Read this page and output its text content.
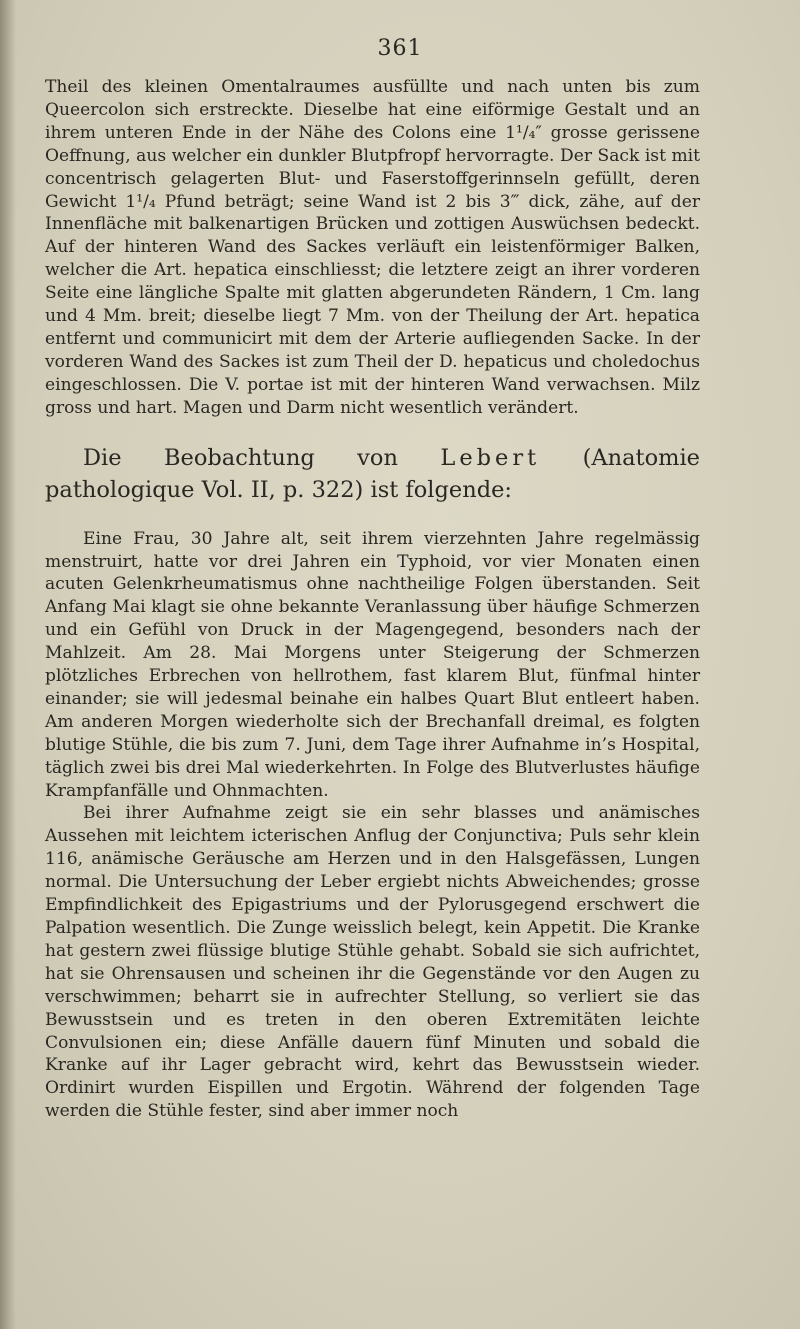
361

Theil des kleinen Omentalraumes ausfüllte und nach unten bis zum Queercolon sich erstreckte. Dieselbe hat eine eiförmige Gestalt und an ihrem unteren Ende in der Nähe des Colons eine 1¹/₄″ grosse gerissene Oeffnung, aus welcher ein dunkler Blutpfropf hervorragte. Der Sack ist mit concentrisch gelagerten Blut- und Faserstoffgerinnseln gefüllt, deren Gewicht 1¹/₄ Pfund beträgt; seine Wand ist 2 bis 3‴ dick, zähe, auf der Innenfläche mit balkenartigen Brücken und zottigen Auswüchsen bedeckt. Auf der hinteren Wand des Sackes verläuft ein leistenförmiger Balken, welcher die Art. hepatica einschliesst; die letztere zeigt an ihrer vorderen Seite eine längliche Spalte mit glatten abgerundeten Rändern, 1 Cm. lang und 4 Mm. breit; dieselbe liegt 7 Mm. von der Theilung der Art. hepatica entfernt und communicirt mit dem der Arterie aufliegenden Sacke. In der vorderen Wand des Sackes ist zum Theil der D. hepaticus und choledochus eingeschlossen. Die V. portae ist mit der hinteren Wand verwachsen. Milz gross und hart. Magen und Darm nicht wesentlich verändert.

Die Beobachtung von Lebert (Anatomie pathologique Vol. II, p. 322) ist folgende:

Eine Frau, 30 Jahre alt, seit ihrem vierzehnten Jahre regelmässig menstruirt, hatte vor drei Jahren ein Typhoid, vor vier Monaten einen acuten Gelenkrheumatismus ohne nachtheilige Folgen überstanden. Seit Anfang Mai klagt sie ohne bekannte Veranlassung über häufige Schmerzen und ein Gefühl von Druck in der Magengegend, besonders nach der Mahlzeit. Am 28. Mai Morgens unter Steigerung der Schmerzen plötzliches Erbrechen von hellrothem, fast klarem Blut, fünfmal hinter einander; sie will jedesmal beinahe ein halbes Quart Blut entleert haben. Am anderen Morgen wiederholte sich der Brechanfall dreimal, es folgten blutige Stühle, die bis zum 7. Juni, dem Tage ihrer Aufnahme in’s Hospital, täglich zwei bis drei Mal wiederkehrten. In Folge des Blutverlustes häufige Krampfanfälle und Ohnmachten.

Bei ihrer Aufnahme zeigt sie ein sehr blasses und anämisches Aussehen mit leichtem icterischen Anflug der Conjunctiva; Puls sehr klein 116, anämische Geräusche am Herzen und in den Halsgefässen, Lungen normal. Die Untersuchung der Leber ergiebt nichts Abweichendes; grosse Empfindlichkeit des Epigastriums und der Pylorusgegend erschwert die Palpation wesentlich. Die Zunge weisslich belegt, kein Appetit. Die Kranke hat gestern zwei flüssige blutige Stühle gehabt. Sobald sie sich aufrichtet, hat sie Ohrensausen und scheinen ihr die Gegenstände vor den Augen zu verschwimmen; beharrt sie in aufrechter Stellung, so verliert sie das Bewusstsein und es treten in den oberen Extremitäten leichte Convulsionen ein; diese Anfälle dauern fünf Minuten und sobald die Kranke auf ihr Lager gebracht wird, kehrt das Bewusstsein wieder. Ordinirt wurden Eispillen und Ergotin. Während der folgenden Tage werden die Stühle fester, sind aber immer noch
